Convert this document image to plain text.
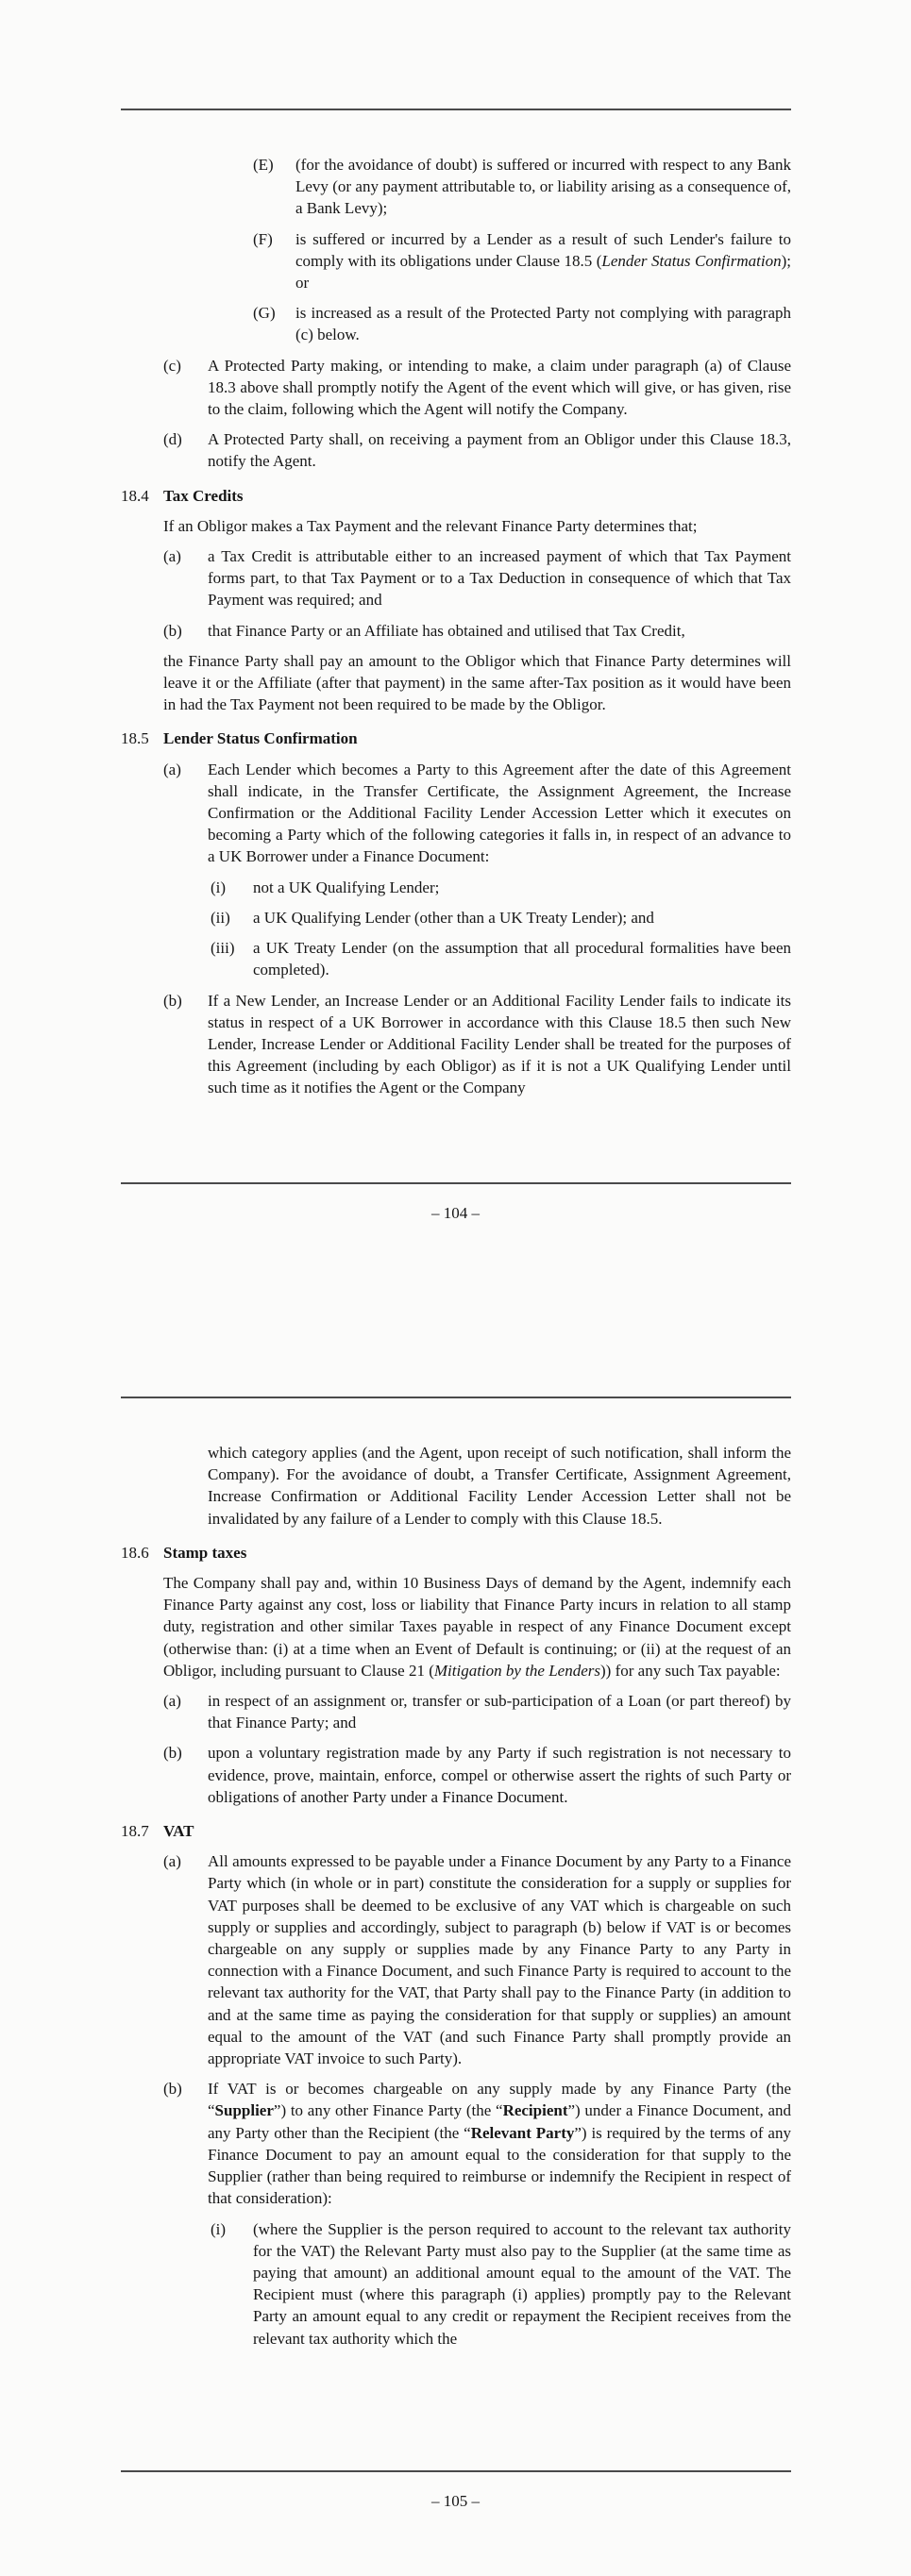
(E)	(for the avoidance of doubt) is suffered or incurred with respect to any Bank Levy (or any payment attributable to, or liability arising as a consequence of, a Bank Levy);

(F)	is suffered or incurred by a Lender as a result of such Lender's failure to comply with its obligations under Clause 18.5 (Lender Status Confirmation); or

(G)	is increased as a result of the Protected Party not complying with paragraph (c) below.

(c)	A Protected Party making, or intending to make, a claim under paragraph (a) of Clause 18.3 above shall promptly notify the Agent of the event which will give, or has given, rise to the claim, following which the Agent will notify the Company.

(d)	A Protected Party shall, on receiving a payment from an Obligor under this Clause 18.3, notify the Agent.

18.4 Tax Credits

If an Obligor makes a Tax Payment and the relevant Finance Party determines that;

(a)	a Tax Credit is attributable either to an increased payment of which that Tax Payment forms part, to that Tax Payment or to a Tax Deduction in consequence of which that Tax Payment was required; and

(b)	that Finance Party or an Affiliate has obtained and utilised that Tax Credit,

the Finance Party shall pay an amount to the Obligor which that Finance Party determines will leave it or the Affiliate (after that payment) in the same after-Tax position as it would have been in had the Tax Payment not been required to be made by the Obligor.

18.5 Lender Status Confirmation
(a)	Each Lender which becomes a Party to this Agreement after the date of this Agreement shall indicate, in the Transfer Certificate, the Assignment Agreement, the Increase Confirmation or the Additional Facility Lender Accession Letter which it executes on becoming a Party which of the following categories it falls in, in respect of an advance to a UK Borrower under a Finance Document:

(i)	not a UK Qualifying Lender;

(ii)	a UK Qualifying Lender (other than a UK Treaty Lender); and

(iii)	a UK Treaty Lender (on the assumption that all procedural formalities have been completed).

(b)	If a New Lender, an Increase Lender or an Additional Facility Lender fails to indicate its status in respect of a UK Borrower in accordance with this Clause 18.5 then such New Lender, Increase Lender or Additional Facility Lender shall be treated for the purposes of this Agreement (including by each Obligor) as if it is not a UK Qualifying Lender until such time as it notifies the Agent or the Company

– 104 –

which category applies (and the Agent, upon receipt of such notification, shall inform the Company). For the avoidance of doubt, a Transfer Certificate, Assignment Agreement, Increase Confirmation or Additional Facility Lender Accession Letter shall not be invalidated by any failure of a Lender to comply with this Clause 18.5.

18.6 Stamp taxes

The Company shall pay and, within 10 Business Days of demand by the Agent, indemnify each Finance Party against any cost, loss or liability that Finance Party incurs in relation to all stamp duty, registration and other similar Taxes payable in respect of any Finance Document except (otherwise than: (i) at a time when an Event of Default is continuing; or (ii) at the request of an Obligor, including pursuant to Clause 21 (Mitigation by the Lenders)) for any such Tax payable:

(a)	in respect of an assignment or, transfer or sub-participation of a Loan (or part thereof) by that Finance Party; and

(b)	upon a voluntary registration made by any Party if such registration is not necessary to evidence, prove, maintain, enforce, compel or otherwise assert the rights of such Party or obligations of another Party under a Finance Document.

18.7 VAT
(a)	All amounts expressed to be payable under a Finance Document by any Party to a Finance Party which (in whole or in part) constitute the consideration for a supply or supplies for VAT purposes shall be deemed to be exclusive of any VAT which is chargeable on such supply or supplies and accordingly, subject to paragraph (b) below if VAT is or becomes chargeable on any supply or supplies made by any Finance Party to any Party in connection with a Finance Document, and such Finance Party is required to account to the relevant tax authority for the VAT, that Party shall pay to the Finance Party (in addition to and at the same time as paying the consideration for that supply or supplies) an amount equal to the amount of the VAT (and such Finance Party shall promptly provide an appropriate VAT invoice to such Party).

(b)	If VAT is or becomes chargeable on any supply made by any Finance Party (the “Supplier”) to any other Finance Party (the “Recipient”) under a Finance Document, and any Party other than the Recipient (the “Relevant Party”) is required by the terms of any Finance Document to pay an amount equal to the consideration for that supply to the Supplier (rather than being required to reimburse or indemnify the Recipient in respect of that consideration):

(i)	(where the Supplier is the person required to account to the relevant tax authority for the VAT) the Relevant Party must also pay to the Supplier (at the same time as paying that amount) an additional amount equal to the amount of the VAT. The Recipient must (where this paragraph (i) applies) promptly pay to the Relevant Party an amount equal to any credit or repayment the Recipient receives from the relevant tax authority which the

– 105 –
